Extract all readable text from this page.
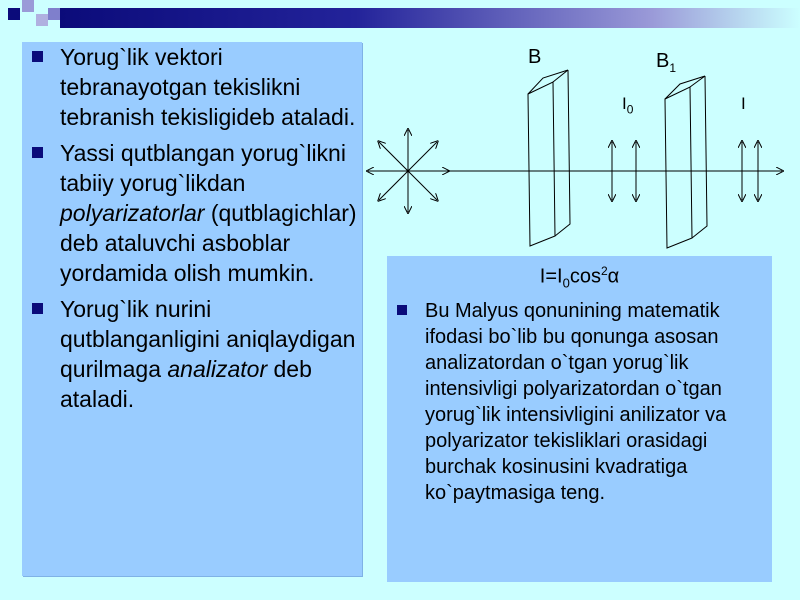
Yorug`lik vektori tebranayotgan tekislikni tebranish tekisligideb ataladi.
Yassi qutblangan yorug`likni tabiiy yorug`likdan polyarizatorlar (qutblagichlar) deb ataluvchi asboblar yordamida olish mumkin.
Yorug`lik nurini qutblanganligini aniqlaydigan qurilmaga analizator deb ataladi.
B	$B_1$
$I_0$	I
$I=I_0\cos^2\alpha$
Bu Malyus qonunining matematik ifodasi bo`lib bu qonunga asosan analizatordan o`tgan yorug`lik intensivligi polyarizatordan o`tgan yorug`lik intensivligini anilizator va polyarizator tekisliklari orasidagi burchak kosinusini kvadratiga ko`paytmasiga teng.
